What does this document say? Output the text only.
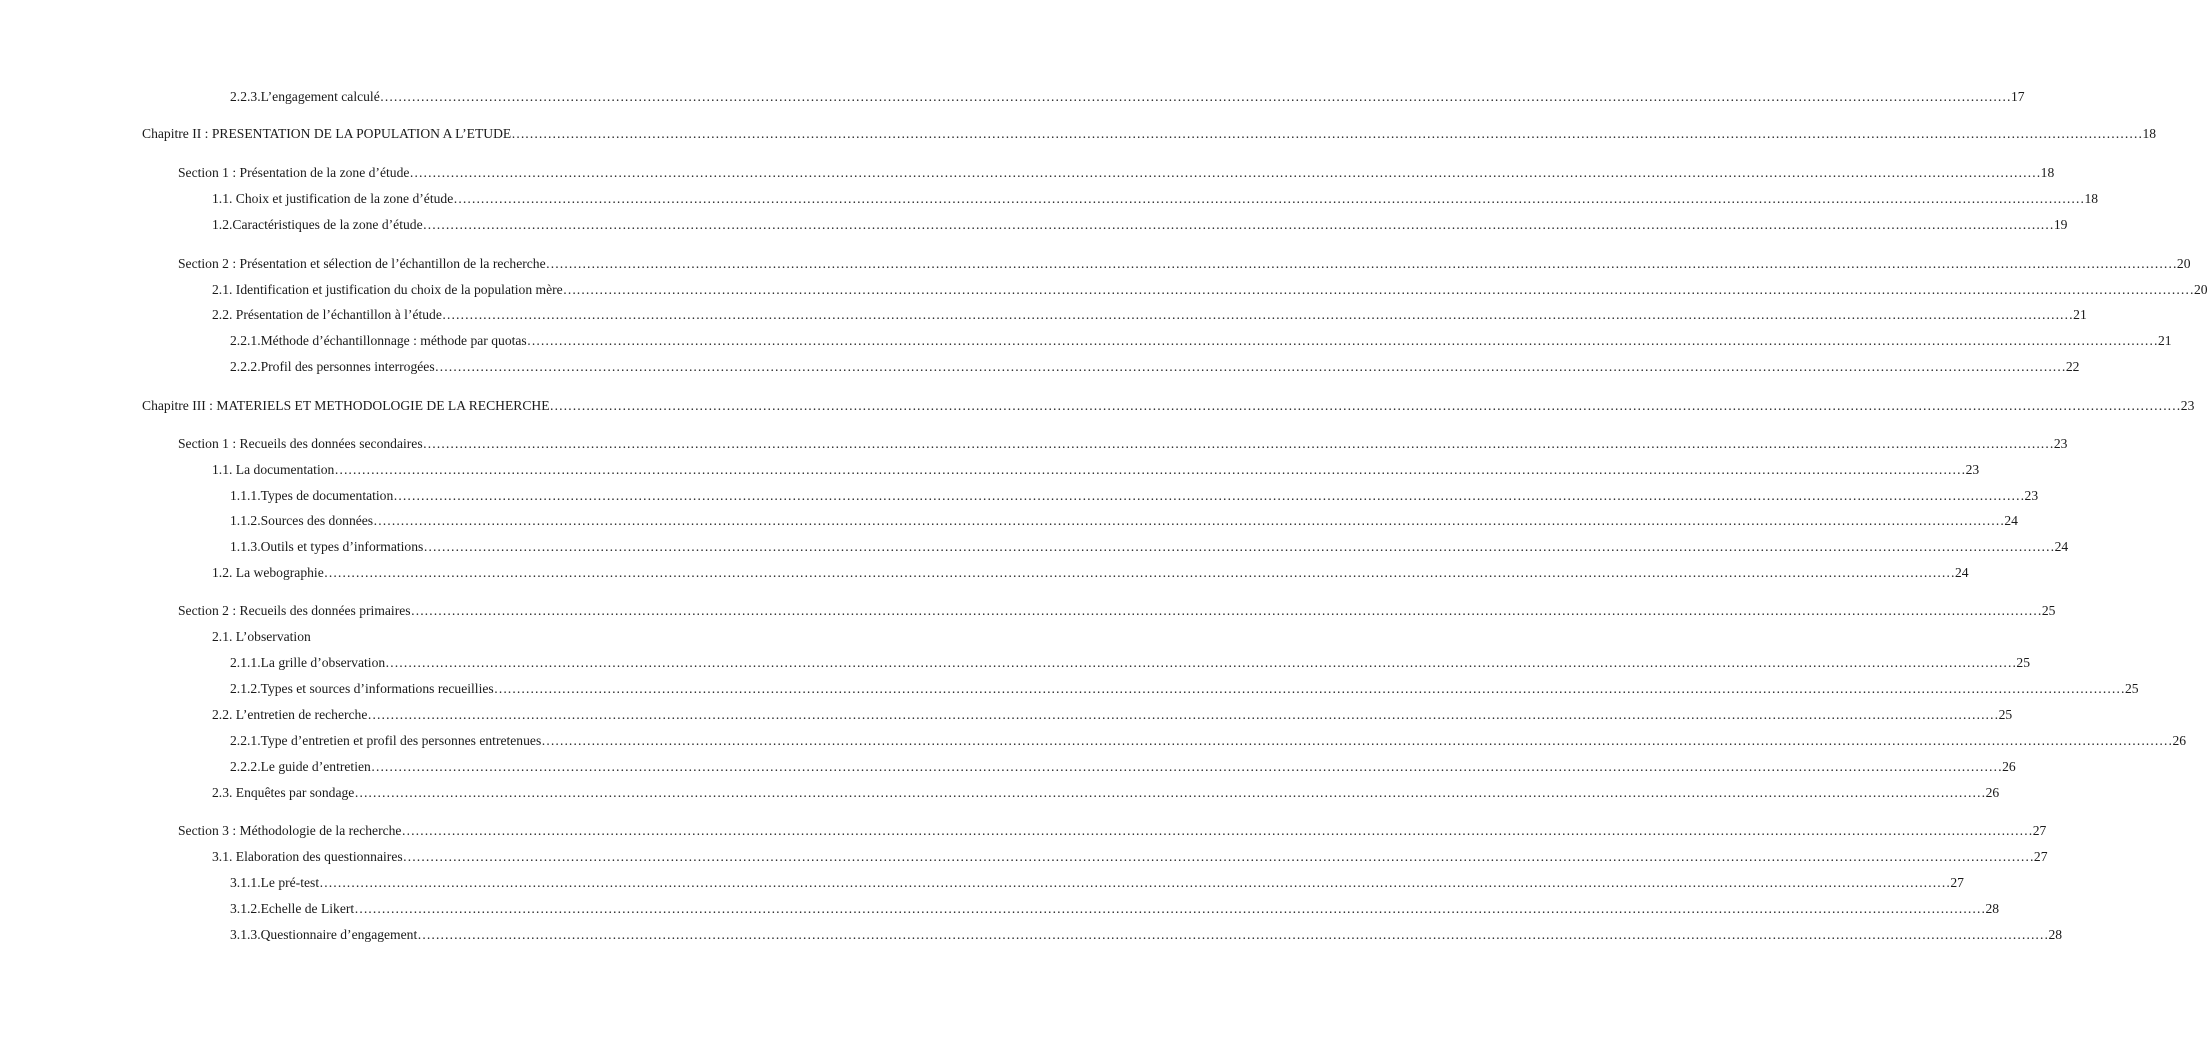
2.2.3. L’engagement calculé ……………………………………………………………………………………………………………………………………………………………………………………………………………………………………………………………………………………………………………………………… 17
Chapitre II : PRESENTATION DE LA POPULATION A L’ETUDE ……………………………………………………………………………………………………………………………………………………………………………………………………………………………………………………………………………………………………………………………… 18
Section 1 : Présentation de la zone d’étude ……………………………………………………………………………………………………………………………………………………………………………………………………………………………………………………………………………………………………………………………… 18
1.1. Choix et justification de la zone d’étude ……………………………………………………………………………………………………………………………………………………………………………………………………………………………………………………………………………………………………………………………… 18
1.2.Caractéristiques de la zone d’étude ……………………………………………………………………………………………………………………………………………………………………………………………………………………………………………………………………………………………………………………………… 19
Section 2 : Présentation et sélection de l’échantillon de la recherche ……………………………………………………………………………………………………………………………………………………………………………………………………………………………………………………………………………………………………………………………… 20
2.1. Identification et justification du choix de la population mère ……………………………………………………………………………………………………………………………………………………………………………………………………………………………………………………………………………………………………………………………… 20
2.2. Présentation de l’échantillon à l’étude ……………………………………………………………………………………………………………………………………………………………………………………………………………………………………………………………………………………………………………………………… 21
2.2.1. Méthode d’échantillonnage : méthode par quotas ……………………………………………………………………………………………………………………………………………………………………………………………………………………………………………………………………………………………………………………………… 21
2.2.2. Profil des personnes interrogées ……………………………………………………………………………………………………………………………………………………………………………………………………………………………………………………………………………………………………………………………… 22
Chapitre III : MATERIELS ET METHODOLOGIE DE LA RECHERCHE ……………………………………………………………………………………………………………………………………………………………………………………………………………………………………………………………………………………………………………………………… 23
Section 1 : Recueils des données secondaires ……………………………………………………………………………………………………………………………………………………………………………………………………………………………………………………………………………………………………………………………… 23
1.1. La documentation ……………………………………………………………………………………………………………………………………………………………………………………………………………………………………………………………………………………………………………………………… 23
1.1.1. Types de documentation ……………………………………………………………………………………………………………………………………………………………………………………………………………………………………………………………………………………………………………………………… 23
1.1.2. Sources des données ……………………………………………………………………………………………………………………………………………………………………………………………………………………………………………………………………………………………………………………………… 24
1.1.3. Outils et types d’informations ……………………………………………………………………………………………………………………………………………………………………………………………………………………………………………………………………………………………………………………………… 24
1.2. La webographie ……………………………………………………………………………………………………………………………………………………………………………………………………………………………………………………………………………………………………………………………… 24
Section 2 : Recueils des données primaires ……………………………………………………………………………………………………………………………………………………………………………………………………………………………………………………………………………………………………………………………… 25
2.1. L’observation
2.1.1. La grille d’observation ……………………………………………………………………………………………………………………………………………………………………………………………………………………………………………………………………………………………………………………………… 25
2.1.2. Types et sources d’informations recueillies ……………………………………………………………………………………………………………………………………………………………………………………………………………………………………………………………………………………………………………………………… 25
2.2. L’entretien de recherche ……………………………………………………………………………………………………………………………………………………………………………………………………………………………………………………………………………………………………………………………… 25
2.2.1. Type d’entretien et profil des personnes entretenues ……………………………………………………………………………………………………………………………………………………………………………………………………………………………………………………………………………………………………………………………… 26
2.2.2. Le guide d’entretien ……………………………………………………………………………………………………………………………………………………………………………………………………………………………………………………………………………………………………………………………… 26
2.3. Enquêtes par sondage ……………………………………………………………………………………………………………………………………………………………………………………………………………………………………………………………………………………………………………………………… 26
Section 3 : Méthodologie de la recherche ……………………………………………………………………………………………………………………………………………………………………………………………………………………………………………………………………………………………………………………………… 27
3.1. Elaboration des questionnaires ……………………………………………………………………………………………………………………………………………………………………………………………………………………………………………………………………………………………………………………………… 27
3.1.1. Le pré-test ……………………………………………………………………………………………………………………………………………………………………………………………………………………………………………………………………………………………………………………………… 27
3.1.2. Echelle de Likert ……………………………………………………………………………………………………………………………………………………………………………………………………………………………………………………………………………………………………………………………… 28
3.1.3. Questionnaire d’engagement ……………………………………………………………………………………………………………………………………………………………………………………………………………………………………………………………………………………………………………………………… 28
